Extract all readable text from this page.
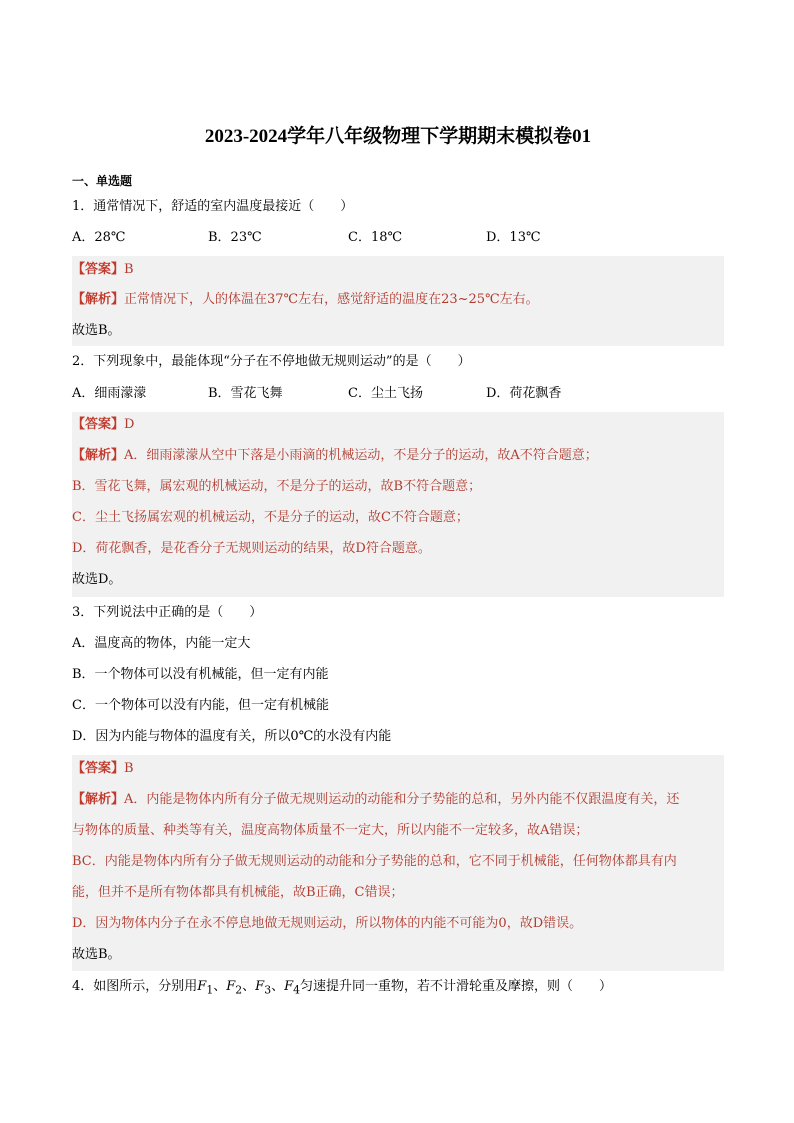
2023-2024学年八年级物理下学期期末模拟卷01
一、单选题
1．通常情况下，舒适的室内温度最接近（　　）
A．28℃	B．23℃	C．18℃	D．13℃
【答案】B
【解析】正常情况下，人的体温在37℃左右，感觉舒适的温度在23~25℃左右。
故选B。
2．下列现象中，最能体现“分子在不停地做无规则运动”的是（　　）
A．细雨濛濛	B．雪花飞舞	C．尘土飞扬	D．荷花飘香
【答案】D
【解析】A．细雨濛濛从空中下落是小雨滴的机械运动，不是分子的运动，故A不符合题意；
B．雪花飞舞，属宏观的机械运动，不是分子的运动，故B不符合题意；
C．尘土飞扬属宏观的机械运动，不是分子的运动，故C不符合题意；
D．荷花飘香，是花香分子无规则运动的结果，故D符合题意。
故选D。
3．下列说法中正确的是（　　）
A．温度高的物体，内能一定大
B．一个物体可以没有机械能，但一定有内能
C．一个物体可以没有内能，但一定有机械能
D．因为内能与物体的温度有关，所以0℃的水没有内能
【答案】B
【解析】A．内能是物体内所有分子做无规则运动的动能和分子势能的总和，另外内能不仅跟温度有关，还
与物体的质量、种类等有关，温度高物体质量不一定大，所以内能不一定较多，故A错误；
BC．内能是物体内所有分子做无规则运动的动能和分子势能的总和，它不同于机械能，任何物体都具有内
能，但并不是所有物体都具有机械能，故B正确，C错误；
D．因为物体内分子在永不停息地做无规则运动，所以物体的内能不可能为0，故D错误。
故选B。
4．如图所示，分别用$F_1$、$F_2$、$F_3$、$F_4$匀速提升同一重物，若不计滑轮重及摩擦，则（　　）
